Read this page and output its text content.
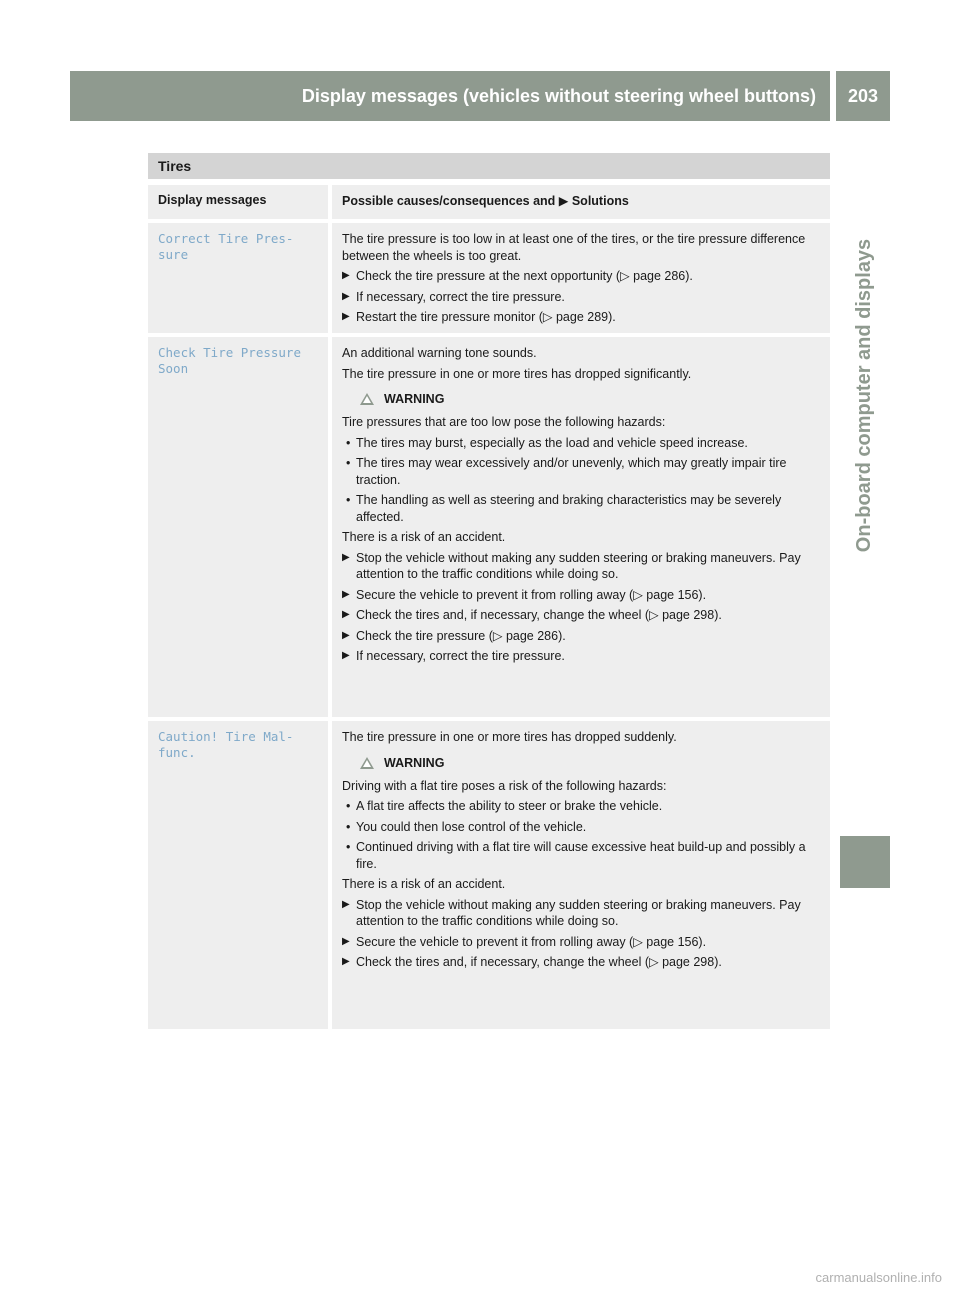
Display messages (vehicles without steering wheel buttons)	203
On-board computer and displays
Tires
Display messages	Possible causes/consequences and ▶ Solutions
Correct Tire Pres-
sure

The tire pressure is too low in at least one of the tires, or the tire pressure difference between the wheels is too great.

▶ Check the tire pressure at the next opportunity (▷ page 286).
▶ If necessary, correct the tire pressure.
▶ Restart the tire pressure monitor (▷ page 289).
Check Tire Pressure
Soon

An additional warning tone sounds.

The tire pressure in one or more tires has dropped significantly.

WARNING

Tire pressures that are too low pose the following hazards:

• The tires may burst, especially as the load and vehicle speed increase.
• The tires may wear excessively and/or unevenly, which may greatly impair tire traction.
• The handling as well as steering and braking characteristics may be severely affected.

There is a risk of an accident.

▶ Stop the vehicle without making any sudden steering or braking maneuvers. Pay attention to the traffic conditions while doing so.
▶ Secure the vehicle to prevent it from rolling away (▷ page 156).
▶ Check the tires and, if necessary, change the wheel (▷ page 298).
▶ Check the tire pressure (▷ page 286).
▶ If necessary, correct the tire pressure.
Caution! Tire Mal-
func.

The tire pressure in one or more tires has dropped suddenly.

WARNING

Driving with a flat tire poses a risk of the following hazards:

• A flat tire affects the ability to steer or brake the vehicle.
• You could then lose control of the vehicle.
• Continued driving with a flat tire will cause excessive heat build-up and possibly a fire.

There is a risk of an accident.

▶ Stop the vehicle without making any sudden steering or braking maneuvers. Pay attention to the traffic conditions while doing so.
▶ Secure the vehicle to prevent it from rolling away (▷ page 156).
▶ Check the tires and, if necessary, change the wheel (▷ page 298).
carmanualsonline.info
